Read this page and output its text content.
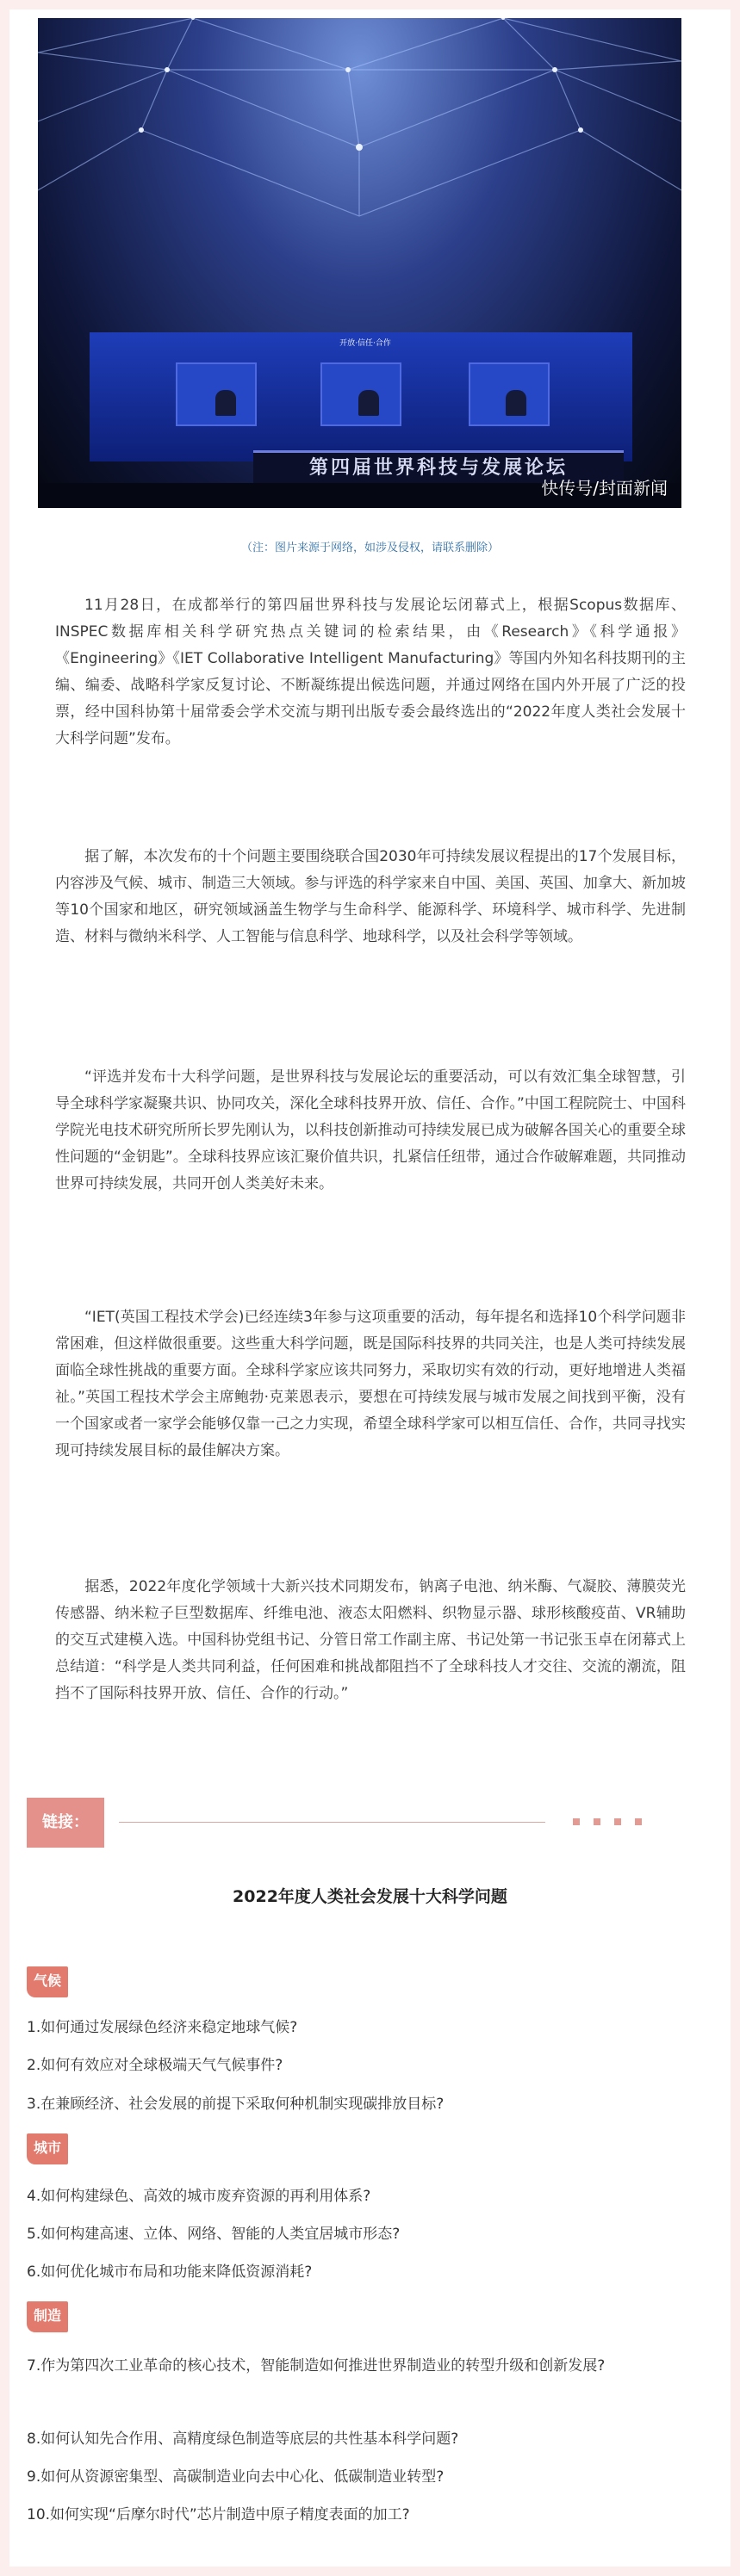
开放·信任·合作
第四届世界科技与发展论坛
快传号/封面新闻
（注：图片来源于网络，如涉及侵权，请联系删除）

11月28日，在成都举行的第四届世界科技与发展论坛闭幕式上，根据Scopus数据库、INSPEC数据库相关科学研究热点关键词的检索结果，由《Research》《科学通报》《Engineering》《IET Collaborative Intelligent Manufacturing》等国内外知名科技期刊的主编、编委、战略科学家反复讨论、不断凝练提出候选问题，并通过网络在国内外开展了广泛的投票，经中国科协第十届常委会学术交流与期刊出版专委会最终选出的“2022年度人类社会发展十大科学问题”发布。

据了解，本次发布的十个问题主要围绕联合国2030年可持续发展议程提出的17个发展目标，内容涉及气候、城市、制造三大领域。参与评选的科学家来自中国、美国、英国、加拿大、新加坡等10个国家和地区，研究领域涵盖生物学与生命科学、能源科学、环境科学、城市科学、先进制造、材料与微纳米科学、人工智能与信息科学、地球科学，以及社会科学等领域。

“评选并发布十大科学问题，是世界科技与发展论坛的重要活动，可以有效汇集全球智慧，引导全球科学家凝聚共识、协同攻关，深化全球科技界开放、信任、合作。”中国工程院院士、中国科学院光电技术研究所所长罗先刚认为，以科技创新推动可持续发展已成为破解各国关心的重要全球性问题的“金钥匙”。全球科技界应该汇聚价值共识，扎紧信任纽带，通过合作破解难题，共同推动世界可持续发展，共同开创人类美好未来。

“IET(英国工程技术学会)已经连续3年参与这项重要的活动，每年提名和选择10个科学问题非常困难，但这样做很重要。这些重大科学问题，既是国际科技界的共同关注，也是人类可持续发展面临全球性挑战的重要方面。全球科学家应该共同努力，采取切实有效的行动，更好地增进人类福祉。”英国工程技术学会主席鲍勃·克莱恩表示，要想在可持续发展与城市发展之间找到平衡，没有一个国家或者一家学会能够仅靠一己之力实现，希望全球科学家可以相互信任、合作，共同寻找实现可持续发展目标的最佳解决方案。

据悉，2022年度化学领域十大新兴技术同期发布，钠离子电池、纳米酶、气凝胶、薄膜荧光传感器、纳米粒子巨型数据库、纤维电池、液态太阳燃料、织物显示器、球形核酸疫苗、VR辅助的交互式建模入选。中国科协党组书记、分管日常工作副主席、书记处第一书记张玉卓在闭幕式上总结道：“科学是人类共同利益，任何困难和挑战都阻挡不了全球科技人才交往、交流的潮流，阻挡不了国际科技界开放、信任、合作的行动。”

链接：
2022年度人类社会发展十大科学问题
气候
1.如何通过发展绿色经济来稳定地球气候?
2.如何有效应对全球极端天气气候事件?
3.在兼顾经济、社会发展的前提下采取何种机制实现碳排放目标?
城市
4.如何构建绿色、高效的城市废弃资源的再利用体系?
5.如何构建高速、立体、网络、智能的人类宜居城市形态?
6.如何优化城市布局和功能来降低资源消耗?
制造
7.作为第四次工业革命的核心技术，智能制造如何推进世界制造业的转型升级和创新发展?
8.如何认知先合作用、高精度绿色制造等底层的共性基本科学问题?
9.如何从资源密集型、高碳制造业向去中心化、低碳制造业转型?
10.如何实现“后摩尔时代”芯片制造中原子精度表面的加工?
